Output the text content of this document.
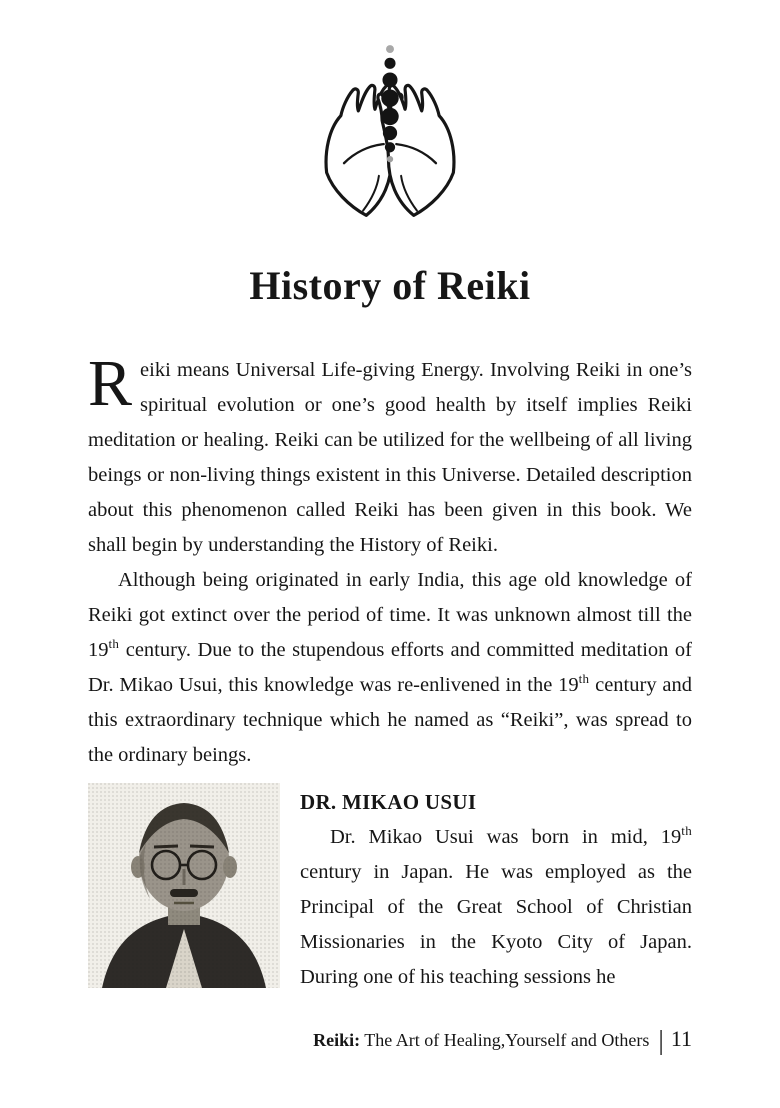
History of Reiki

Reiki means Universal Life-giving Energy. Involving Reiki in one’s spiritual evolution or one’s good health by itself implies Reiki meditation or healing. Reiki can be utilized for the wellbeing of all living beings or non-living things existent in this Universe. Detailed description about this phenomenon called Reiki has been given in this book. We shall begin by understanding the History of Reiki.

Although being originated in early India, this age old knowledge of Reiki got extinct over the period of time. It was unknown almost till the 19th century. Due to the stupendous efforts and committed meditation of Dr. Mikao Usui, this knowledge was re-enlivened in the 19th century and this extraordinary technique which he named as “Reiki”, was spread to the ordinary beings.

DR. MIKAO USUI

Dr. Mikao Usui was born in mid, 19th century in Japan. He was employed as the Principal of the Great School of Christian Missionaries in the Kyoto City of Japan. During one of his teaching sessions he

Reiki: The Art of Healing,Yourself and Others | 11
